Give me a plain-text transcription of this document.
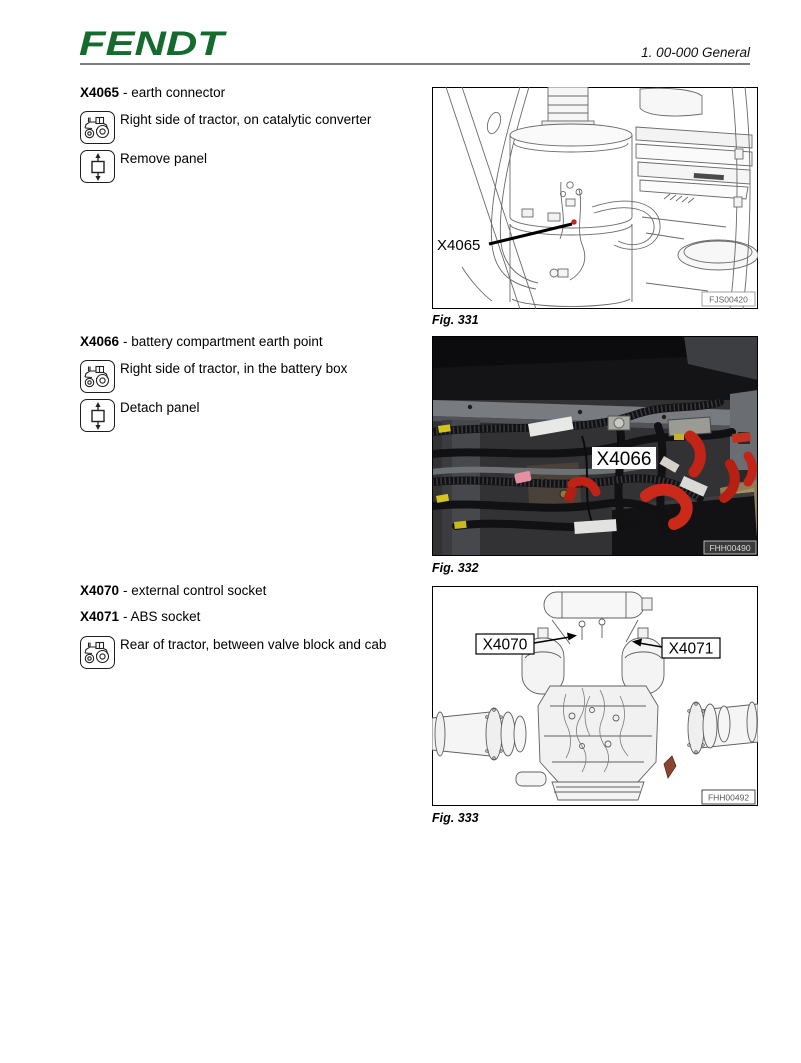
FENDT	1. 00-000 General
X4065 - earth connector
Right side of tractor, on catalytic converter
Remove panel
X4065
FJS00420
Fig. 331
X4066 - battery compartment earth point
Right side of tractor, in the battery box
Detach panel
X4066
FHH00490
Fig. 332
X4070 - external control socket
X4071 - ABS socket
Rear of tractor, between valve block and cab	X4070	X4071
FHH00492
Fig. 333
